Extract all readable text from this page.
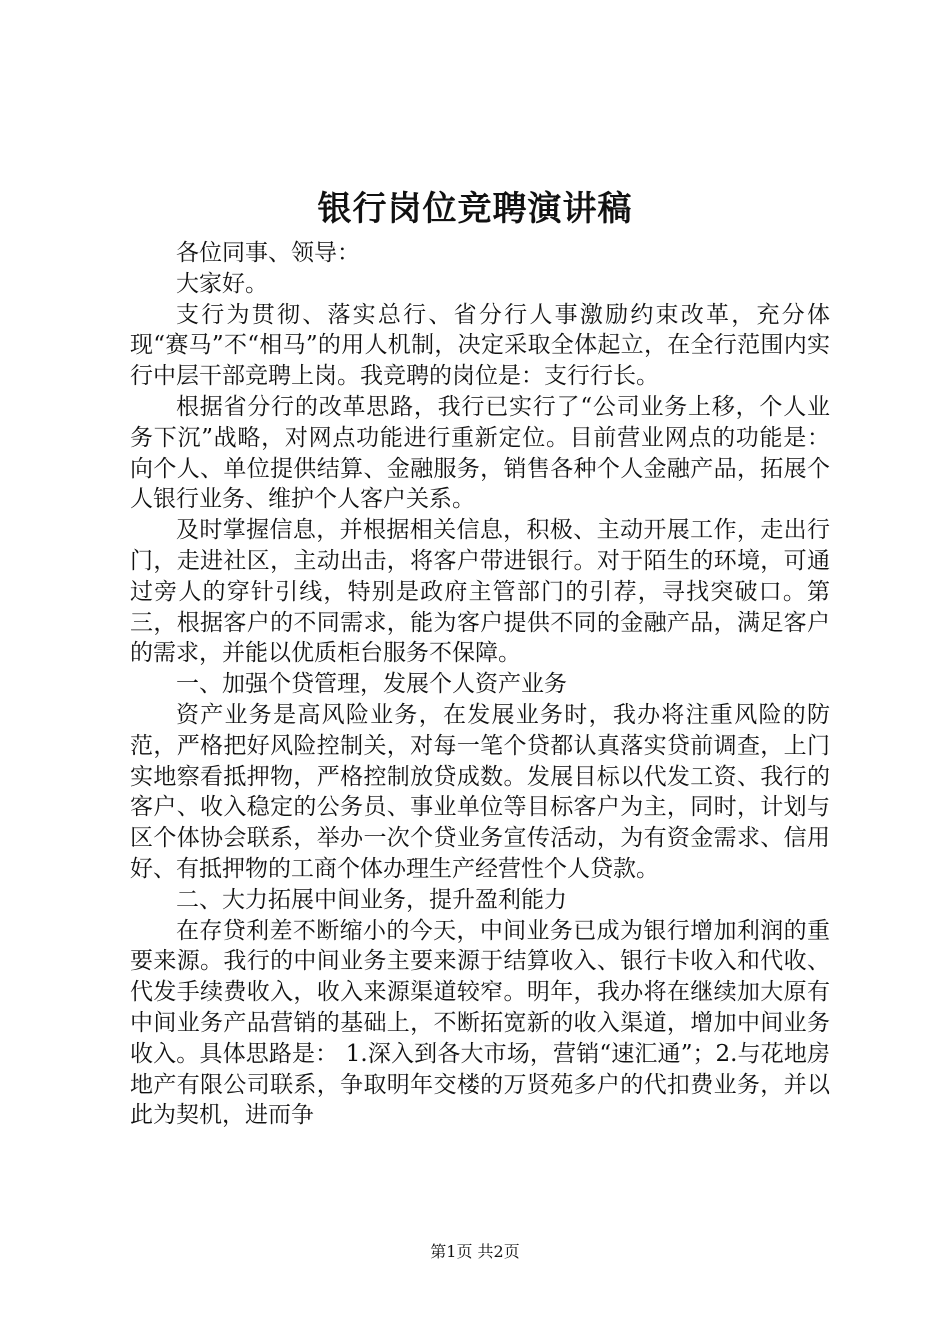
银行岗位竞聘演讲稿

各位同事、领导：

大家好。

支行为贯彻、落实总行、省分行人事激励约束改革，充分体现“赛马”不“相马”的用人机制，决定采取全体起立，在全行范围内实行中层干部竞聘上岗。我竞聘的岗位是：支行行长。

根据省分行的改革思路，我行已实行了“公司业务上移，个人业务下沉”战略，对网点功能进行重新定位。目前营业网点的功能是：向个人、单位提供结算、金融服务，销售各种个人金融产品，拓展个人银行业务、维护个人客户关系。

及时掌握信息，并根据相关信息，积极、主动开展工作，走出行门，走进社区，主动出击，将客户带进银行。对于陌生的环境，可通过旁人的穿针引线，特别是政府主管部门的引荐，寻找突破口。第三，根据客户的不同需求，能为客户提供不同的金融产品，满足客户的需求，并能以优质柜台服务不保障。

一、加强个贷管理，发展个人资产业务

资产业务是高风险业务，在发展业务时，我办将注重风险的防范，严格把好风险控制关，对每一笔个贷都认真落实贷前调查，上门实地察看抵押物，严格控制放贷成数。发展目标以代发工资、我行的客户、收入稳定的公务员、事业单位等目标客户为主，同时，计划与区个体协会联系，举办一次个贷业务宣传活动，为有资金需求、信用好、有抵押物的工商个体办理生产经营性个人贷款。

二、大力拓展中间业务，提升盈利能力

在存贷利差不断缩小的今天，中间业务已成为银行增加利润的重要来源。我行的中间业务主要来源于结算收入、银行卡收入和代收、代发手续费收入，收入来源渠道较窄。明年，我办将在继续加大原有中间业务产品营销的基础上，不断拓宽新的收入渠道，增加中间业务收入。具体思路是： 1.深入到各大市场，营销“速汇通”；2.与花地房地产有限公司联系，争取明年交楼的万贤苑多户的代扣费业务，并以此为契机，进而争

第1页 共2页
